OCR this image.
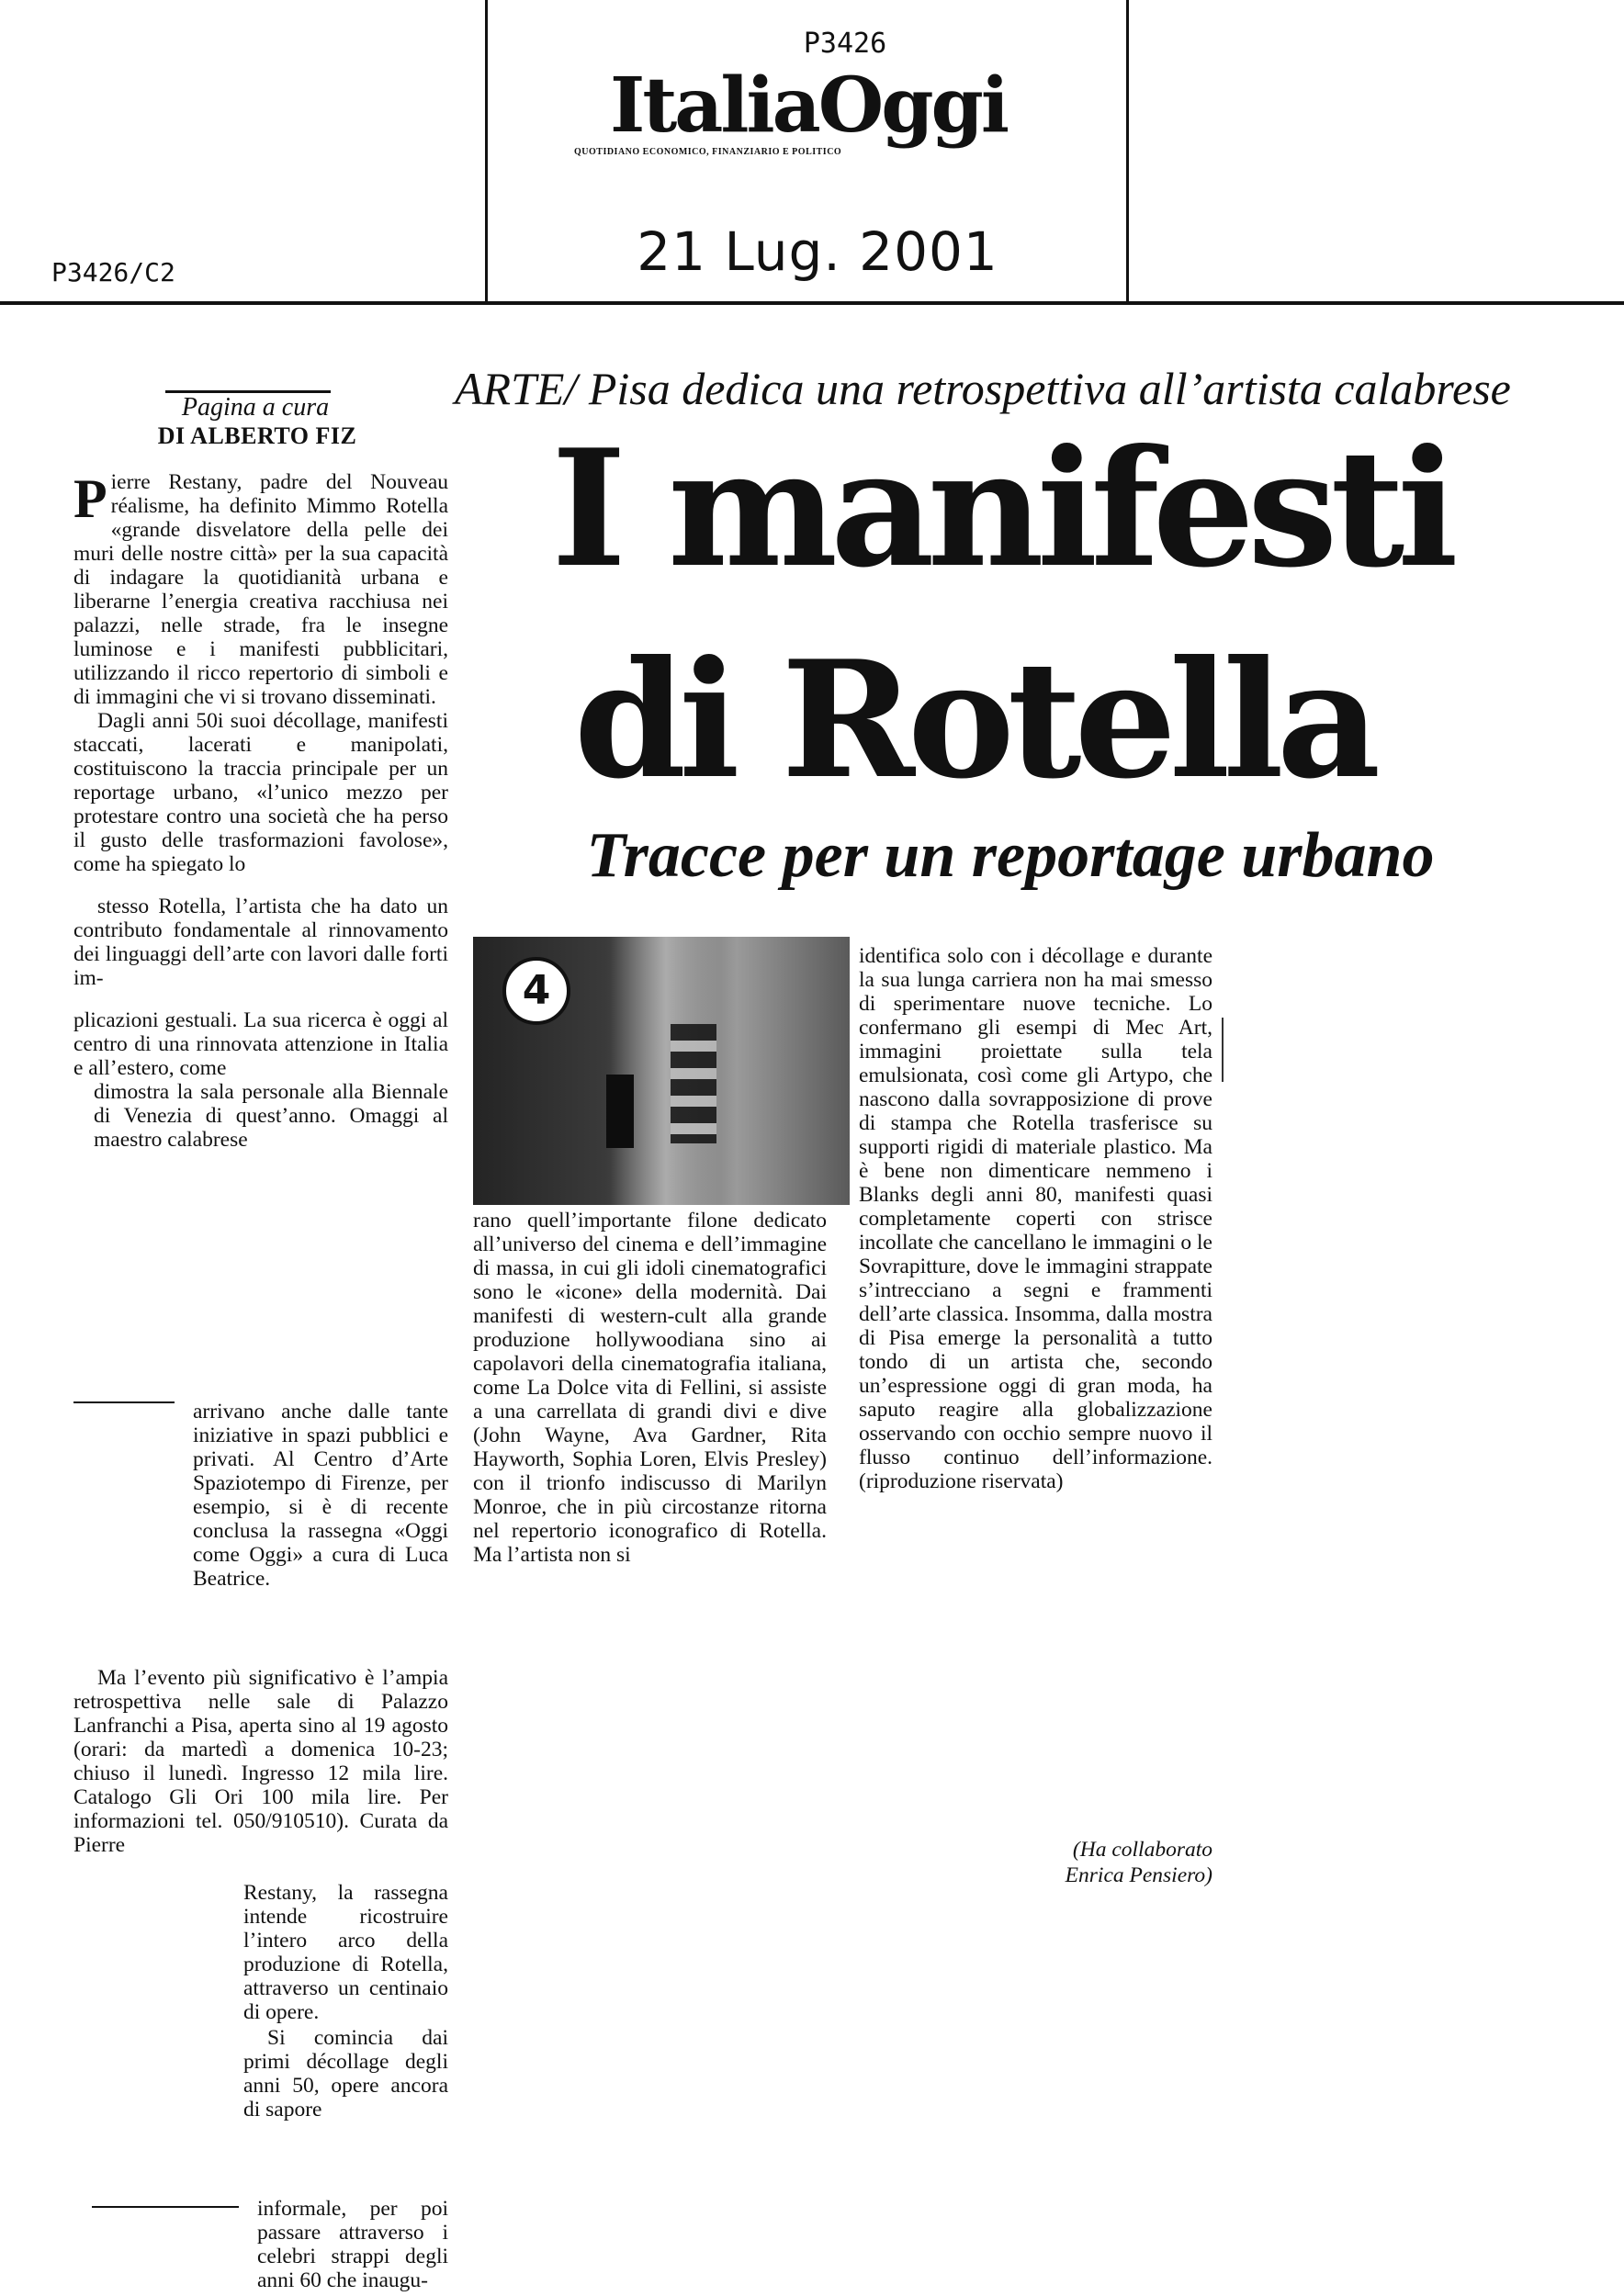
P3426
ItaliaOggi
QUOTIDIANO ECONOMICO, FINANZIARIO E POLITICO
21 Lug. 2001
P3426/C2
Pagina a cura
DI ALBERTO FIZ
ARTE/ Pisa dedica una retrospettiva all’artista calabrese
I manifesti
di Rotella
Tracce per un reportage urbano

Pierre Restany, padre del Nouveau réalisme, ha definito Mimmo Rotella «grande disvelatore della pelle dei muri delle nostre città» per la sua capacità di indagare la quotidianità urbana e liberarne l’energia creativa racchiusa nei palazzi, nelle strade, fra le insegne luminose e i manifesti pubblicitari, utilizzando il ricco repertorio di simboli e di immagini che vi si trovano disseminati.

Dagli anni 50i suoi décollage, manifesti staccati, lacerati e manipolati, costituiscono la traccia principale per un reportage urbano, «l’unico mezzo per protestare contro una società che ha perso il gusto delle trasformazioni favolose», come ha spiegato lo

stesso Rotella, l’artista che ha dato un contributo fondamentale al rinnovamento dei linguaggi dell’arte con lavori dalle forti im-

plicazioni gestuali. La sua ricerca è oggi al centro di una rinnovata attenzione in Italia e all’estero, come

dimostra la sala personale alla Biennale di Venezia di quest’anno. Omaggi al maestro calabrese

arrivano anche dalle tante iniziative in spazi pubblici e privati. Al Centro d’Arte Spaziotempo di Firenze, per esempio, si è di recente conclusa la rassegna «Oggi come Oggi» a cura di Luca Beatrice.

Ma l’evento più significativo è l’ampia retrospettiva nelle sale di Palazzo Lanfranchi a Pisa, aperta sino al 19 agosto (orari: da martedì a domenica 10-23; chiuso il lunedì. Ingresso 12 mila lire. Catalogo Gli Ori 100 mila lire. Per informazioni tel. 050/910510). Curata da Pierre

Restany, la rassegna intende ricostruire l’intero arco della produzione di Rotella, attraverso un centinaio di opere.

Si comincia dai primi décollage degli anni 50, opere ancora di sapore

informale, per poi passare attraverso i celebri strappi degli anni 60 che inaugu-

4

rano quell’importante filone dedicato all’universo del cinema e dell’immagine di massa, in cui gli idoli cinematografici sono le «icone» della modernità. Dai manifesti di western-cult alla grande produzione hollywoodiana sino ai capolavori della cinematografia italiana, come La Dolce vita di Fellini, si assiste a una carrellata di grandi divi e dive (John Wayne, Ava Gardner, Rita Hayworth, Sophia Loren, Elvis Presley) con il trionfo indiscusso di Marilyn Monroe, che in più circostanze ritorna nel repertorio iconografico di Rotella. Ma l’artista non si

identifica solo con i décollage e durante la sua lunga carriera non ha mai smesso di sperimentare nuove tecniche. Lo confermano gli esempi di Mec Art, immagini proiettate sulla tela emulsionata, così come gli Artypo, che nascono dalla sovrapposizione di prove di stampa che Rotella trasferisce su supporti rigidi di materiale plastico. Ma è bene non dimenticare nemmeno i Blanks degli anni 80, manifesti quasi completamente coperti con strisce incollate che cancellano le immagini o le Sovrapitture, dove le immagini strappate s’intrecciano a segni e frammenti dell’arte classica. Insomma, dalla mostra di Pisa emerge la personalità a tutto tondo di un artista che, secondo un’espressione oggi di gran moda, ha saputo reagire alla globalizzazione osservando con occhio sempre nuovo il flusso continuo dell’informazione. (riproduzione riservata)

(Ha collaborato
Enrica Pensiero)
